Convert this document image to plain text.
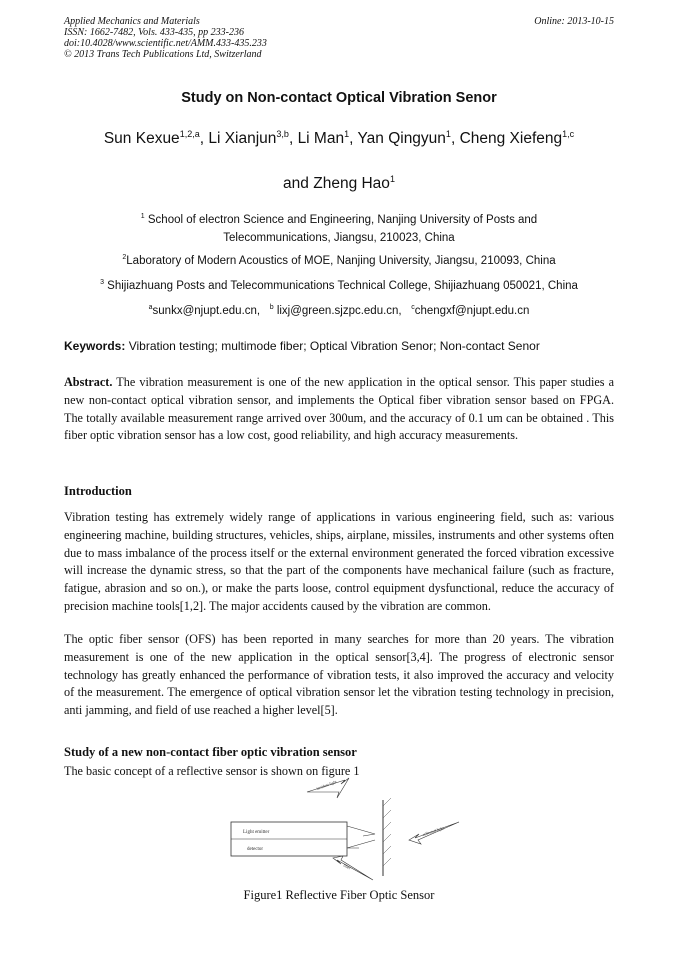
Applied Mechanics and Materials
ISSN: 1662-7482, Vols. 433-435, pp 233-236
doi:10.4028/www.scientific.net/AMM.433-435.233
© 2013 Trans Tech Publications Ltd, Switzerland
Online: 2013-10-15
Study on Non-contact Optical Vibration Senor
Sun Kexue$^{1,2,a}$, Li Xianjun$^{3,b}$, Li Man$^1$, Yan Qingyun$^1$, Cheng Xiefeng$^{1,c}$
and Zheng Hao$^1$
$^1$ School of electron Science and Engineering, Nanjing University of Posts and
Telecommunications, Jiangsu, 210023, China
$^2$Laboratory of Modern Acoustics of MOE, Nanjing University, Jiangsu, 210093, China
$^3$ Shijiazhuang Posts and Telecommunications Technical College, Shijiazhuang 050021, China
$^a$sunkx@njupt.edu.cn, $^b$ lixj@green.sjzpc.edu.cn, $^c$chengxf@njupt.edu.cn
Keywords: Vibration testing; multimode fiber; Optical Vibration Senor; Non-contact Senor

Abstract. The vibration measurement is one of the new application in the optical sensor. This paper studies a new non-contact optical vibration sensor, and implements the Optical fiber vibration sensor based on FPGA. The totally available measurement range arrived over 300um, and the accuracy of 0.1 um can be obtained . This fiber optic vibration sensor has a low cost, good reliability, and high accuracy measurements.

Introduction

Vibration testing has extremely widely range of applications in various engineering field, such as: various engineering machine, building structures, vehicles, ships, airplane, missiles, instruments and other systems often due to mass imbalance of the process itself or the external environment generated the forced vibration excessive will increase the dynamic stress, so that the part of the components have mechanical failure (such as fracture, fatigue, abrasion and so on.), or make the parts loose, control equipment dysfunctional, reduce the accuracy of precision machine tools[1,2]. The major accidents caused by the vibration are common.

The optic fiber sensor (OFS) has been reported in many searches for more than 20 years. The vibration measurement is one of the new application in the optical sensor[3,4]. The progress of electronic sensor technology has greatly enhanced the performance of vibration tests, it also improved the accuracy and velocity of the measurement. The emergence of optical vibration sensor let the vibration testing technology in precision, anti jamming, and field of use reached a higher level[5].

Study of a new non-contact fiber optic vibration sensor
The basic concept of a reflective sensor is shown on figure 1
Light emitter
detector
incident light
reflected light
fiber
Figure1 Reflective Fiber Optic Sensor
